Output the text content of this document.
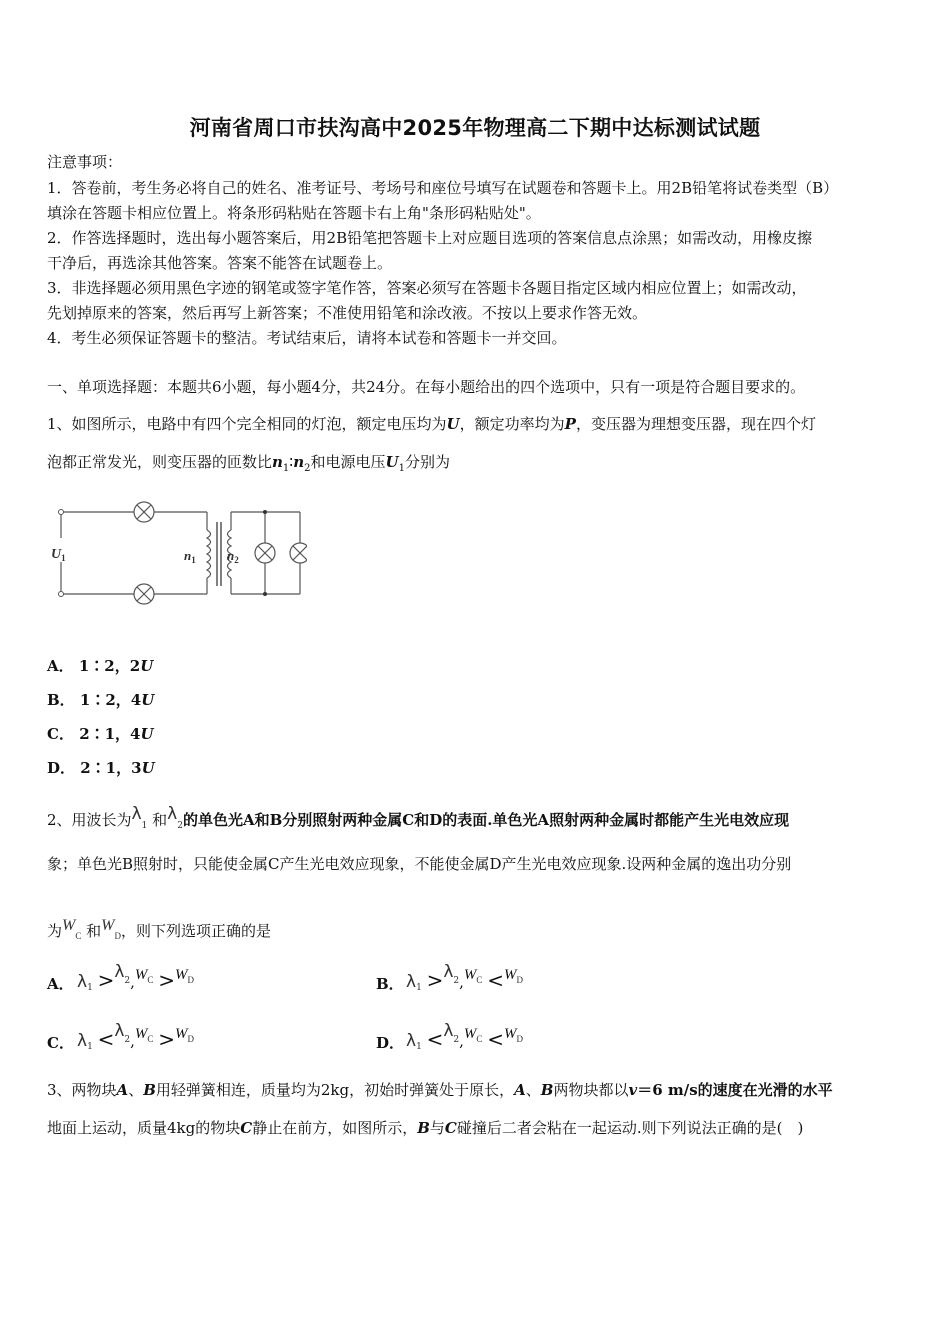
河南省周口市扶沟高中2025年物理高二下期中达标测试试题
注意事项：
1．答卷前，考生务必将自己的姓名、准考证号、考场号和座位号填写在试题卷和答题卡上。用2B铅笔将试卷类型（B）
填涂在答题卡相应位置上。将条形码粘贴在答题卡右上角"条形码粘贴处"。
2．作答选择题时，选出每小题答案后，用2B铅笔把答题卡上对应题目选项的答案信息点涂黑；如需改动，用橡皮擦
干净后，再选涂其他答案。答案不能答在试题卷上。
3．非选择题必须用黑色字迹的钢笔或签字笔作答，答案必须写在答题卡各题目指定区域内相应位置上；如需改动，
先划掉原来的答案，然后再写上新答案；不准使用铅笔和涂改液。不按以上要求作答无效。
4．考生必须保证答题卡的整洁。考试结束后，请将本试卷和答题卡一并交回。
一、单项选择题：本题共6小题，每小题4分，共24分。在每小题给出的四个选项中，只有一项是符合题目要求的。
1、如图所示，电路中有四个完全相同的灯泡，额定电压均为U，额定功率均为P，变压器为理想变压器，现在四个灯
泡都正常发光，则变压器的匝数比$n_1∶n_2$和电源电压$U_1$分别为
$U_1$	$n_1$ $n_2$
A． 1∶2，2U
B． 1∶2，4U
C． 2∶1，4U
D． 2∶1，3U
2、用波长为$\lambda_1$ 和$\lambda_2$的单色光A和B分别照射两种金属C和D的表面.单色光A照射两种金属时都能产生光电效应现
象；单色光B照射时，只能使金属C产生光电效应现象，不能使金属D产生光电效应现象.设两种金属的逸出功分别
为$W_C$ 和$W_D$，则下列选项正确的是
A． $\lambda_1 >\lambda^2,W^C >W^D$	B． $\lambda_1 >\lambda^2,W^C <W^D$
C． $\lambda_1 <\lambda^2,W^C >W^D$	D． $\lambda_1 <\lambda^2,W^C <W^D$
3、两物块A、B用轻弹簧相连，质量均为2kg，初始时弹簧处于原长，A、B两物块都以v＝6 m/s的速度在光滑的水平
地面上运动，质量4kg的物块C静止在前方，如图所示，B与C碰撞后二者会粘在一起运动.则下列说法正确的是(　)
